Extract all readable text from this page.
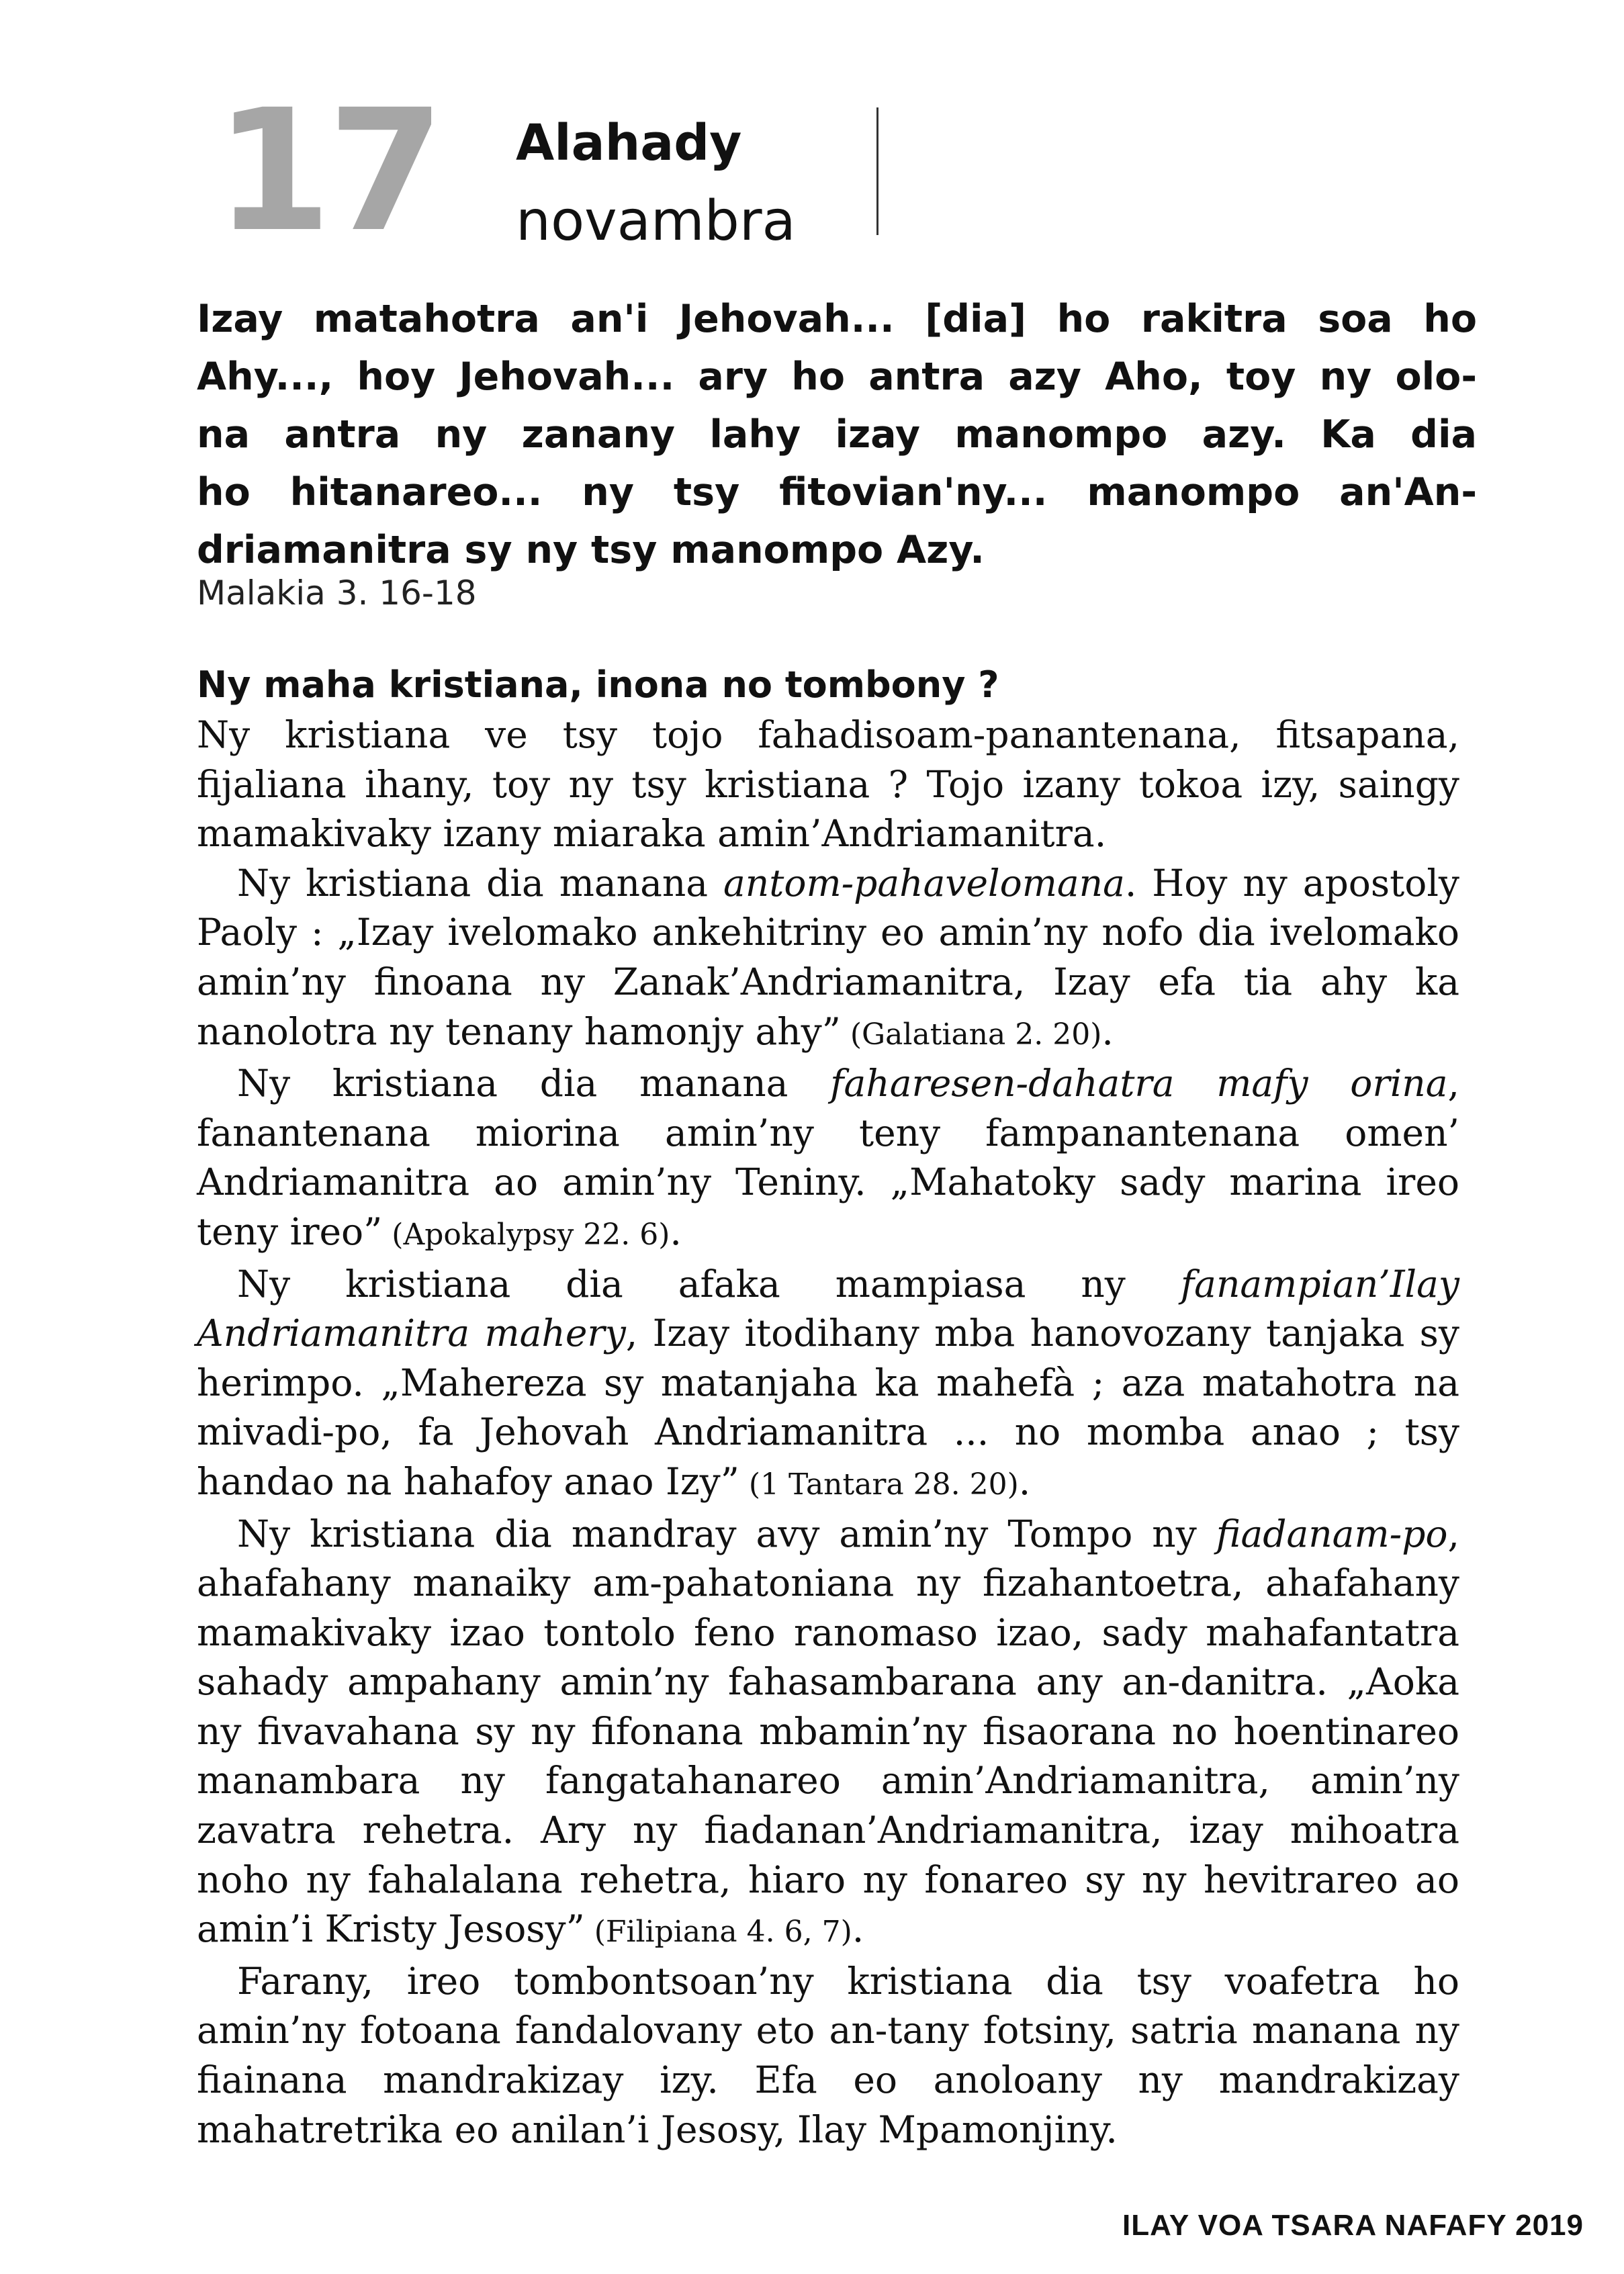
17 Alahady
novambra
Izay matahotra an'i Jehovah... [dia] ho rakitra soa ho
Ahy..., hoy Jehovah... ary ho antra azy Aho, toy ny olo-
na antra ny zanany lahy izay manompo azy. Ka dia
ho hitanareo... ny tsy fitovian'ny... manompo an'An-
driamanitra sy ny tsy manompo Azy.
Malakia 3. 16-18
Ny maha kristiana, inona no tombony ?

Ny kristiana ve tsy tojo fahadisoam-panantenana, fitsapana, fijaliana ihany, toy ny tsy kristiana ? Tojo izany tokoa izy, saingy mamakivaky izany miaraka amin’Andriamanitra.

Ny kristiana dia manana antom-pahavelomana. Hoy ny apostoly Paoly : „Izay ivelomako ankehitriny eo amin’ny nofo dia ivelomako amin’ny finoana ny Zanak’Andriamanitra, Izay efa tia ahy ka nanolotra ny tenany hamonjy ahy” (Galatiana 2. 20).

Ny kristiana dia manana faharesen-dahatra mafy orina, fanantenana miorina amin’ny teny fampanantenana omen’ Andriamanitra ao amin’ny Teniny. „Mahatoky sady marina ireo teny ireo” (Apokalypsy 22. 6).

Ny kristiana dia afaka mampiasa ny fanampian’Ilay Andriamanitra mahery, Izay itodihany mba hanovozany tanjaka sy herimpo. „Mahereza sy matanjaha ka mahefà ; aza matahotra na mivadi-po, fa Jehovah Andriamanitra ... no momba anao ; tsy handao na hahafoy anao Izy” (1 Tantara 28. 20).

Ny kristiana dia mandray avy amin’ny Tompo ny fiadanam-po, ahafahany manaiky am-pahatoniana ny fizahantoetra, ahafahany mamakivaky izao tontolo feno ranomaso izao, sady mahafantatra sahady ampahany amin’ny fahasambarana any an-danitra. „Aoka ny fivavahana sy ny fifonana mbamin’ny fisaorana no hoentinareo manambara ny fangatahanareo amin’Andriamanitra, amin’ny zavatra rehetra. Ary ny fiadanan’Andriamanitra, izay mihoatra noho ny fahalalana rehetra, hiaro ny fonareo sy ny hevitrareo ao amin’i Kristy Jesosy” (Filipiana 4. 6, 7).

Farany, ireo tombontsoan’ny kristiana dia tsy voafetra ho amin’ny fotoana fandalovany eto an-tany fotsiny, satria manana ny fiainana mandrakizay izy. Efa eo anoloany ny mandrakizay mahatretrika eo anilan’i Jesosy, Ilay Mpamonjiny.

ILAY VOA TSARA NAFAFY 2019
